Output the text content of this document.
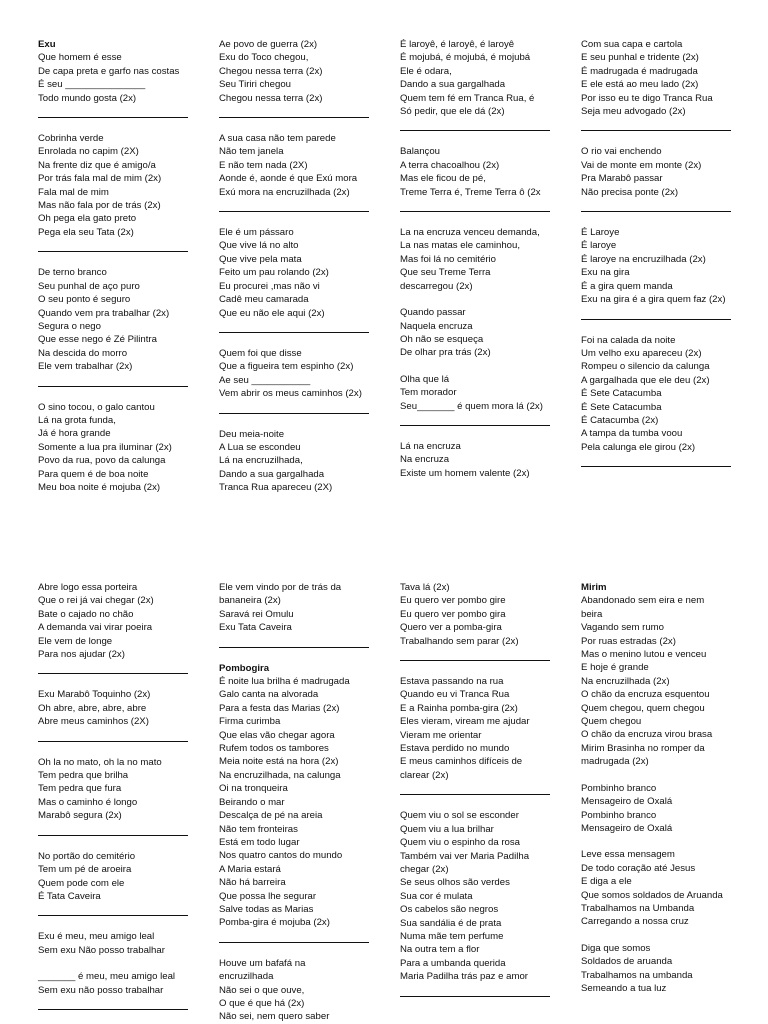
Exu
Que homem é esse
De capa preta e garfo nas costas
É seu _______________
Todo mundo gosta (2x)
Cobrinha verde
Enrolada no capim (2X)
Na frente diz que é amigo/a
Por trás fala mal de mim (2x)
Fala mal de mim
Mas não fala por de trás (2x)
Oh pega ela gato preto
Pega ela seu Tata (2x)
De terno branco
Seu punhal de aço puro
O seu ponto é seguro
Quando vem pra trabalhar (2x)
Segura o nego
Que esse nego é Zé Pilintra
Na descida do morro
Ele vem trabalhar (2x)
O sino tocou, o galo cantou
Lá na grota funda,
Já é hora grande
Somente a lua pra iluminar (2x)
Povo da rua, povo da calunga
Para quem é de boa noite
Meu boa noite é mojuba (2x)
Ae povo de guerra (2x)
Exu do Toco chegou,
Chegou nessa terra (2x)
Seu Tiriri chegou
Chegou nessa terra (2x)
A sua casa não tem parede
Não tem janela
E não tem nada (2X)
Aonde é, aonde é que Exú mora
Exú mora na encruzilhada (2x)
Ele é um pássaro
Que vive lá no alto
Que vive pela mata
Feito um pau rolando (2x)
Eu procurei ,mas não vi
Cadê meu camarada
Que eu não ele aqui (2x)
Quem foi que disse
Que a figueira tem espinho (2x)
Ae seu ___________
Vem abrir os meus caminhos (2x)
Deu meia-noite
A Lua se escondeu
Lá na encruzilhada,
Dando a sua gargalhada
Tranca Rua apareceu (2X)
É laroyê, é laroyê, é laroyê
É mojubá, é mojubá, é mojubá
Ele é odara,
Dando a sua gargalhada
Quem tem fé em Tranca Rua, é
Só pedir, que ele dá (2x)
Balançou
A terra chacoalhou (2x)
Mas ele ficou de pé,
Treme Terra é, Treme Terra ô (2x
La na encruza venceu demanda,
La nas matas ele caminhou,
Mas foi lá no cemitério
Que seu Treme Terra
descarregou (2x)
Quando passar
Naquela encruza
Oh não se esqueça
De olhar pra trás (2x)
Olha que lá
Tem morador
Seu_______ é quem mora lá (2x)
Lá na encruza
Na encruza
Existe um homem valente (2x)
Com sua capa e cartola
E seu punhal e tridente (2x)
É madrugada é madrugada
E ele está ao meu lado (2x)
Por isso eu te digo Tranca Rua
Seja meu advogado (2x)
O rio vai enchendo
Vai de monte em monte (2x)
Pra Marabô passar
Não precisa ponte (2x)
É Laroye
É laroye
É laroye na encruzilhada (2x)
Exu na gira
É a gira quem manda
Exu na gira é a gira quem faz (2x)
Foi na calada da noite
Um velho exu apareceu (2x)
Rompeu o silencio da calunga
A gargalhada que ele deu (2x)
É Sete Catacumba
É Sete Catacumba
É Catacumba (2x)
A tampa da tumba voou
Pela calunga ele girou (2x)
Abre logo essa porteira
Que o rei já vai chegar (2x)
Bate o cajado no chão
A demanda vai virar poeira
Ele vem de longe
Para nos ajudar (2x)
Exu Marabô Toquinho (2x)
Oh abre, abre, abre, abre
Abre meus caminhos (2X)
Oh la no mato, oh la no mato
Tem pedra que brilha
Tem pedra que fura
Mas o caminho é longo
Marabô segura (2x)
No portão do cemitério
Tem um pé de aroeira
Quem pode com ele
É Tata Caveira
Exu é meu, meu amigo leal
Sem exu Não posso trabalhar
_______ é meu, meu amigo leal
Sem exu não posso trabalhar
Ele vem vindo por de trás da
bananeira (2x)
Saravá rei Omulu
Exu Tata Caveira
Pombogira
É noite lua brilha é madrugada
Galo canta na alvorada
Para a festa das Marias (2x)
Firma curimba
Que elas vão chegar agora
Rufem todos os tambores
Meia noite está na hora (2x)
Na encruzilhada, na calunga
Oi na tronqueira
Beirando o mar
Descalça de pé na areia
Não tem fronteiras
Está em todo lugar
Nos quatro cantos do mundo
A Maria estará
Não há barreira
Que possa lhe segurar
Salve todas as Marias
Pomba-gira é mojuba (2x)
Houve um bafafá na
encruzilhada
Não sei o que ouve,
O que é que há (2x)
Não sei, nem quero saber
Tava lá (2x)
Eu quero ver pombo gire
Eu quero ver pombo gira
Quero ver a pomba-gira
Trabalhando sem parar (2x)
Estava passando na rua
Quando eu vi Tranca Rua
E a Rainha pomba-gira (2x)
Eles vieram, viream me ajudar
Vieram me orientar
Estava perdido no mundo
E meus caminhos difíceis de
clarear (2x)
Quem viu o sol se esconder
Quem viu a lua brilhar
Quem viu o espinho da rosa
Também vai ver Maria Padilha
chegar (2x)
Se seus olhos são verdes
Sua cor é mulata
Os cabelos são negros
Sua sandália é de prata
Numa mãe tem perfume
Na outra tem a flor
Para a umbanda querida
Maria Padilha trás paz e amor
Mirim
Abandonado sem eira e nem
beira
Vagando sem rumo
Por ruas estradas (2x)
Mas o menino lutou e venceu
E hoje é grande
Na encruzilhada (2x)
O chão da encruza esquentou
Quem chegou, quem chegou
Quem chegou
O chão da encruza virou brasa
Mirim Brasinha no romper da
madrugada (2x)
Pombinho branco
Mensageiro de Oxalá
Pombinho branco
Mensageiro de Oxalá
Leve essa mensagem
De todo coração até Jesus
E diga a ele
Que somos soldados de Aruanda
Trabalhamos na Umbanda
Carregando a nossa cruz
Diga que somos
Soldados de aruanda
Trabalhamos na umbanda
Semeando a tua luz
